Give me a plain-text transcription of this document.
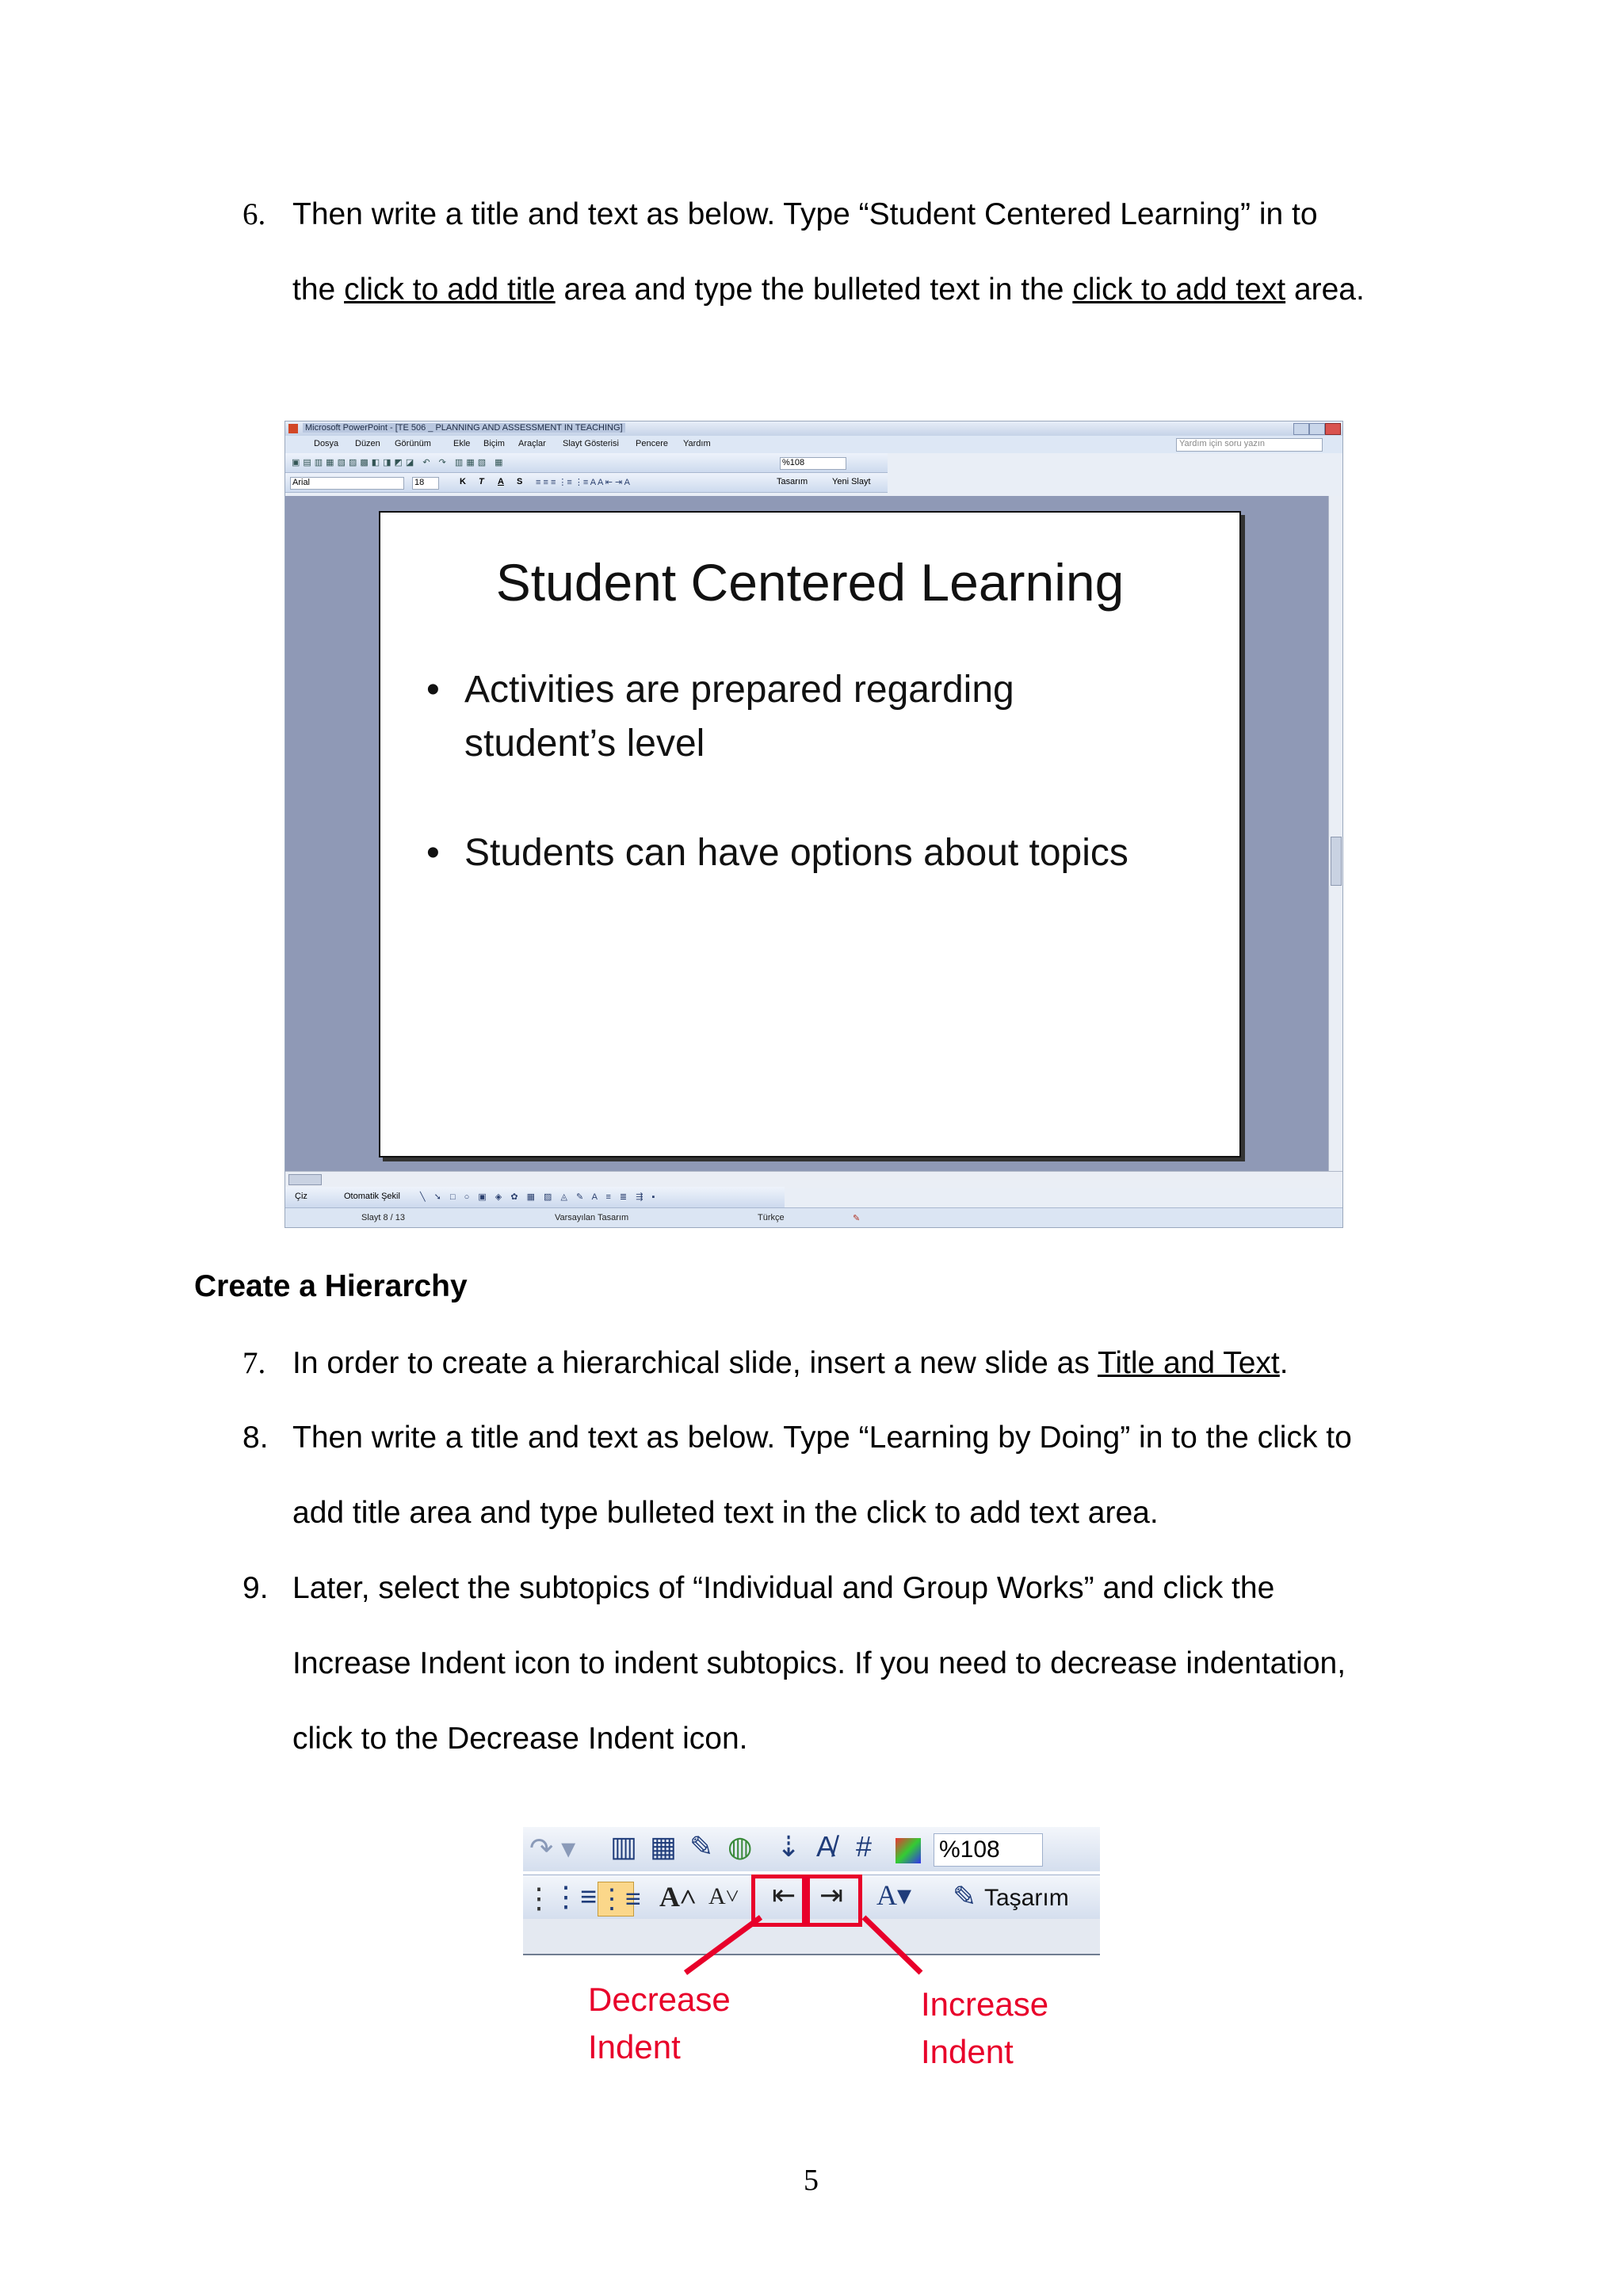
6. Then write a title and text as below. Type “Student Centered Learning” in to
the click to add title area and type the bulleted text in the click to add text area.
Microsoft PowerPoint - [TE 506 _ PLANNING AND ASSESSMENT IN TEACHING]
Dosya Düzen Görünüm	Ekle Biçim Araçlar Slayt Gösterisi Pencere Yardım	Yardım için soru yazın
▣▤▥▦▧▨▩◧◨◩◪ ↶ ↷ ▥▦▧ ▦	%108
Arial	18	K T A S ≡ ≡ ≡ ⋮≡ ⋮≡ A A ⇤ ⇥ A	Tasarım	Yeni Slayt
Student Centered Learning
• Activities are prepared regarding
student’s level
• Students can have options about topics
Çiz	Otomatik Şekil ╲ ➘ □ ○ ▣ ◈ ✿ ▦ ▨ ◬ ✎ A ≡ ≣ ⇶ ▪
Slayt 8 / 13	Varsayılan Tasarım	Türkçe	✎
Create a Hierarchy
7. In order to create a hierarchical slide, insert a new slide as Title and Text.
8. Then write a title and text as below. Type “Learning by Doing” in to the click to
add title area and type bulleted text in the click to add text area.
9. Later, select the subtopics of “Individual and Group Works” and click the
Increase Indent icon to indent subtopics. If you need to decrease indentation,
click to the Decrease Indent icon.
↷ ▾ ▥ ▦ ✎ ◍ ⇣ A̸ #	%108
⋮
⋮≡ ⋮≡ A˄ A˅ ⇤ ⇥ A▾ ✎ Taşarım
Decrease
Indent
Increase
Indent
5
